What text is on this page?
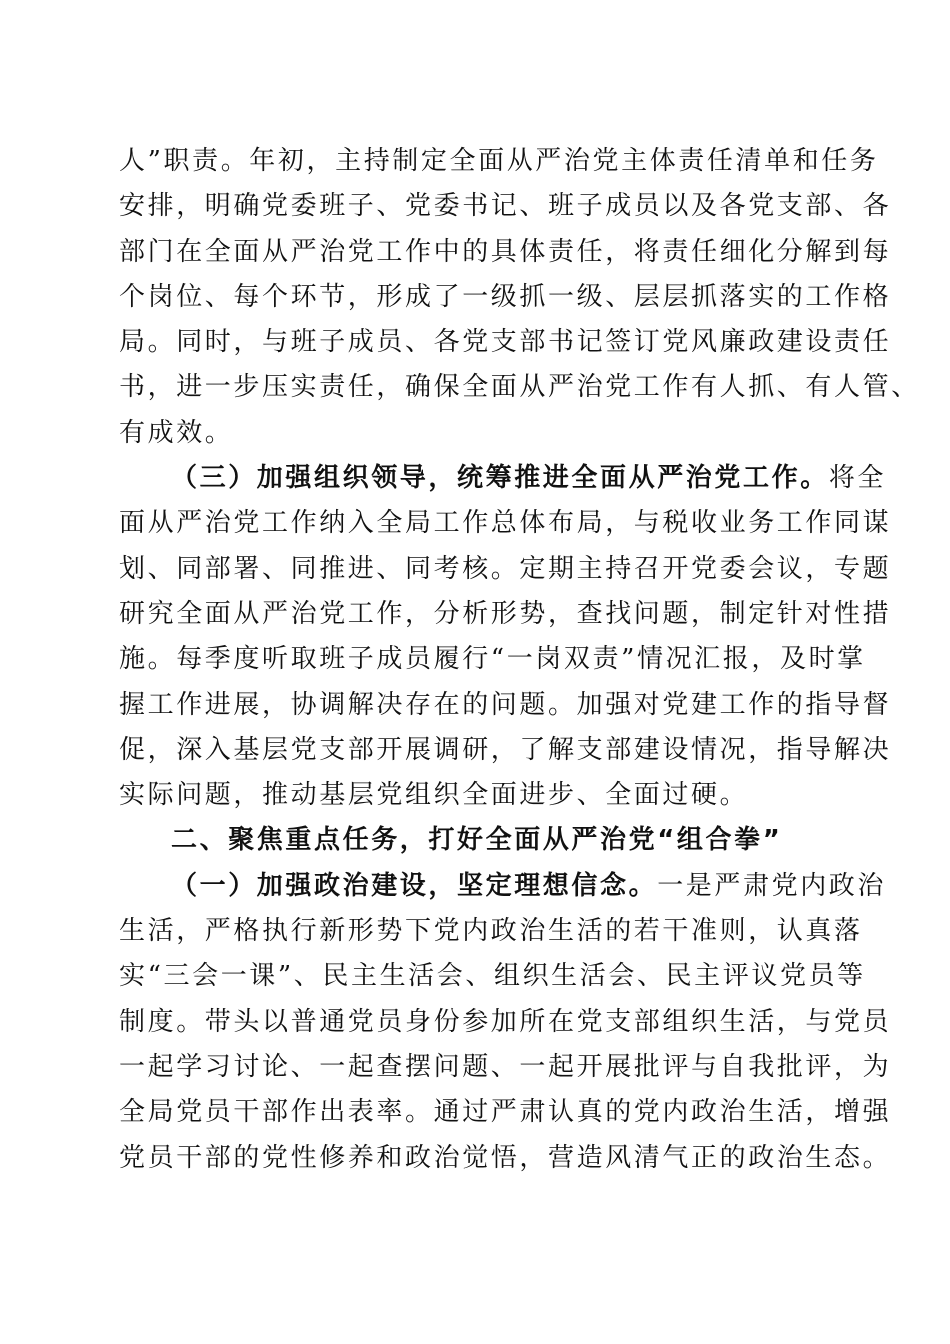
人”职责。年初，主持制定全面从严治党主体责任清单和任务
安排，明确党委班子、党委书记、班子成员以及各党支部、各
部门在全面从严治党工作中的具体责任，将责任细化分解到每
个岗位、每个环节，形成了一级抓一级、层层抓落实的工作格
局。同时，与班子成员、各党支部书记签订党风廉政建设责任
书，进一步压实责任，确保全面从严治党工作有人抓、有人管、
有成效。
（三）加强组织领导，统筹推进全面从严治党工作。将全
面从严治党工作纳入全局工作总体布局，与税收业务工作同谋
划、同部署、同推进、同考核。定期主持召开党委会议，专题
研究全面从严治党工作，分析形势，查找问题，制定针对性措
施。每季度听取班子成员履行“一岗双责”情况汇报，及时掌
握工作进展，协调解决存在的问题。加强对党建工作的指导督
促，深入基层党支部开展调研，了解支部建设情况，指导解决
实际问题，推动基层党组织全面进步、全面过硬。
二、聚焦重点任务，打好全面从严治党“组合拳”
（一）加强政治建设，坚定理想信念。一是严肃党内政治
生活，严格执行新形势下党内政治生活的若干准则，认真落
实“三会一课”、民主生活会、组织生活会、民主评议党员等
制度。带头以普通党员身份参加所在党支部组织生活，与党员
一起学习讨论、一起查摆问题、一起开展批评与自我批评，为
全局党员干部作出表率。通过严肃认真的党内政治生活，增强
党员干部的党性修养和政治觉悟，营造风清气正的政治生态。
